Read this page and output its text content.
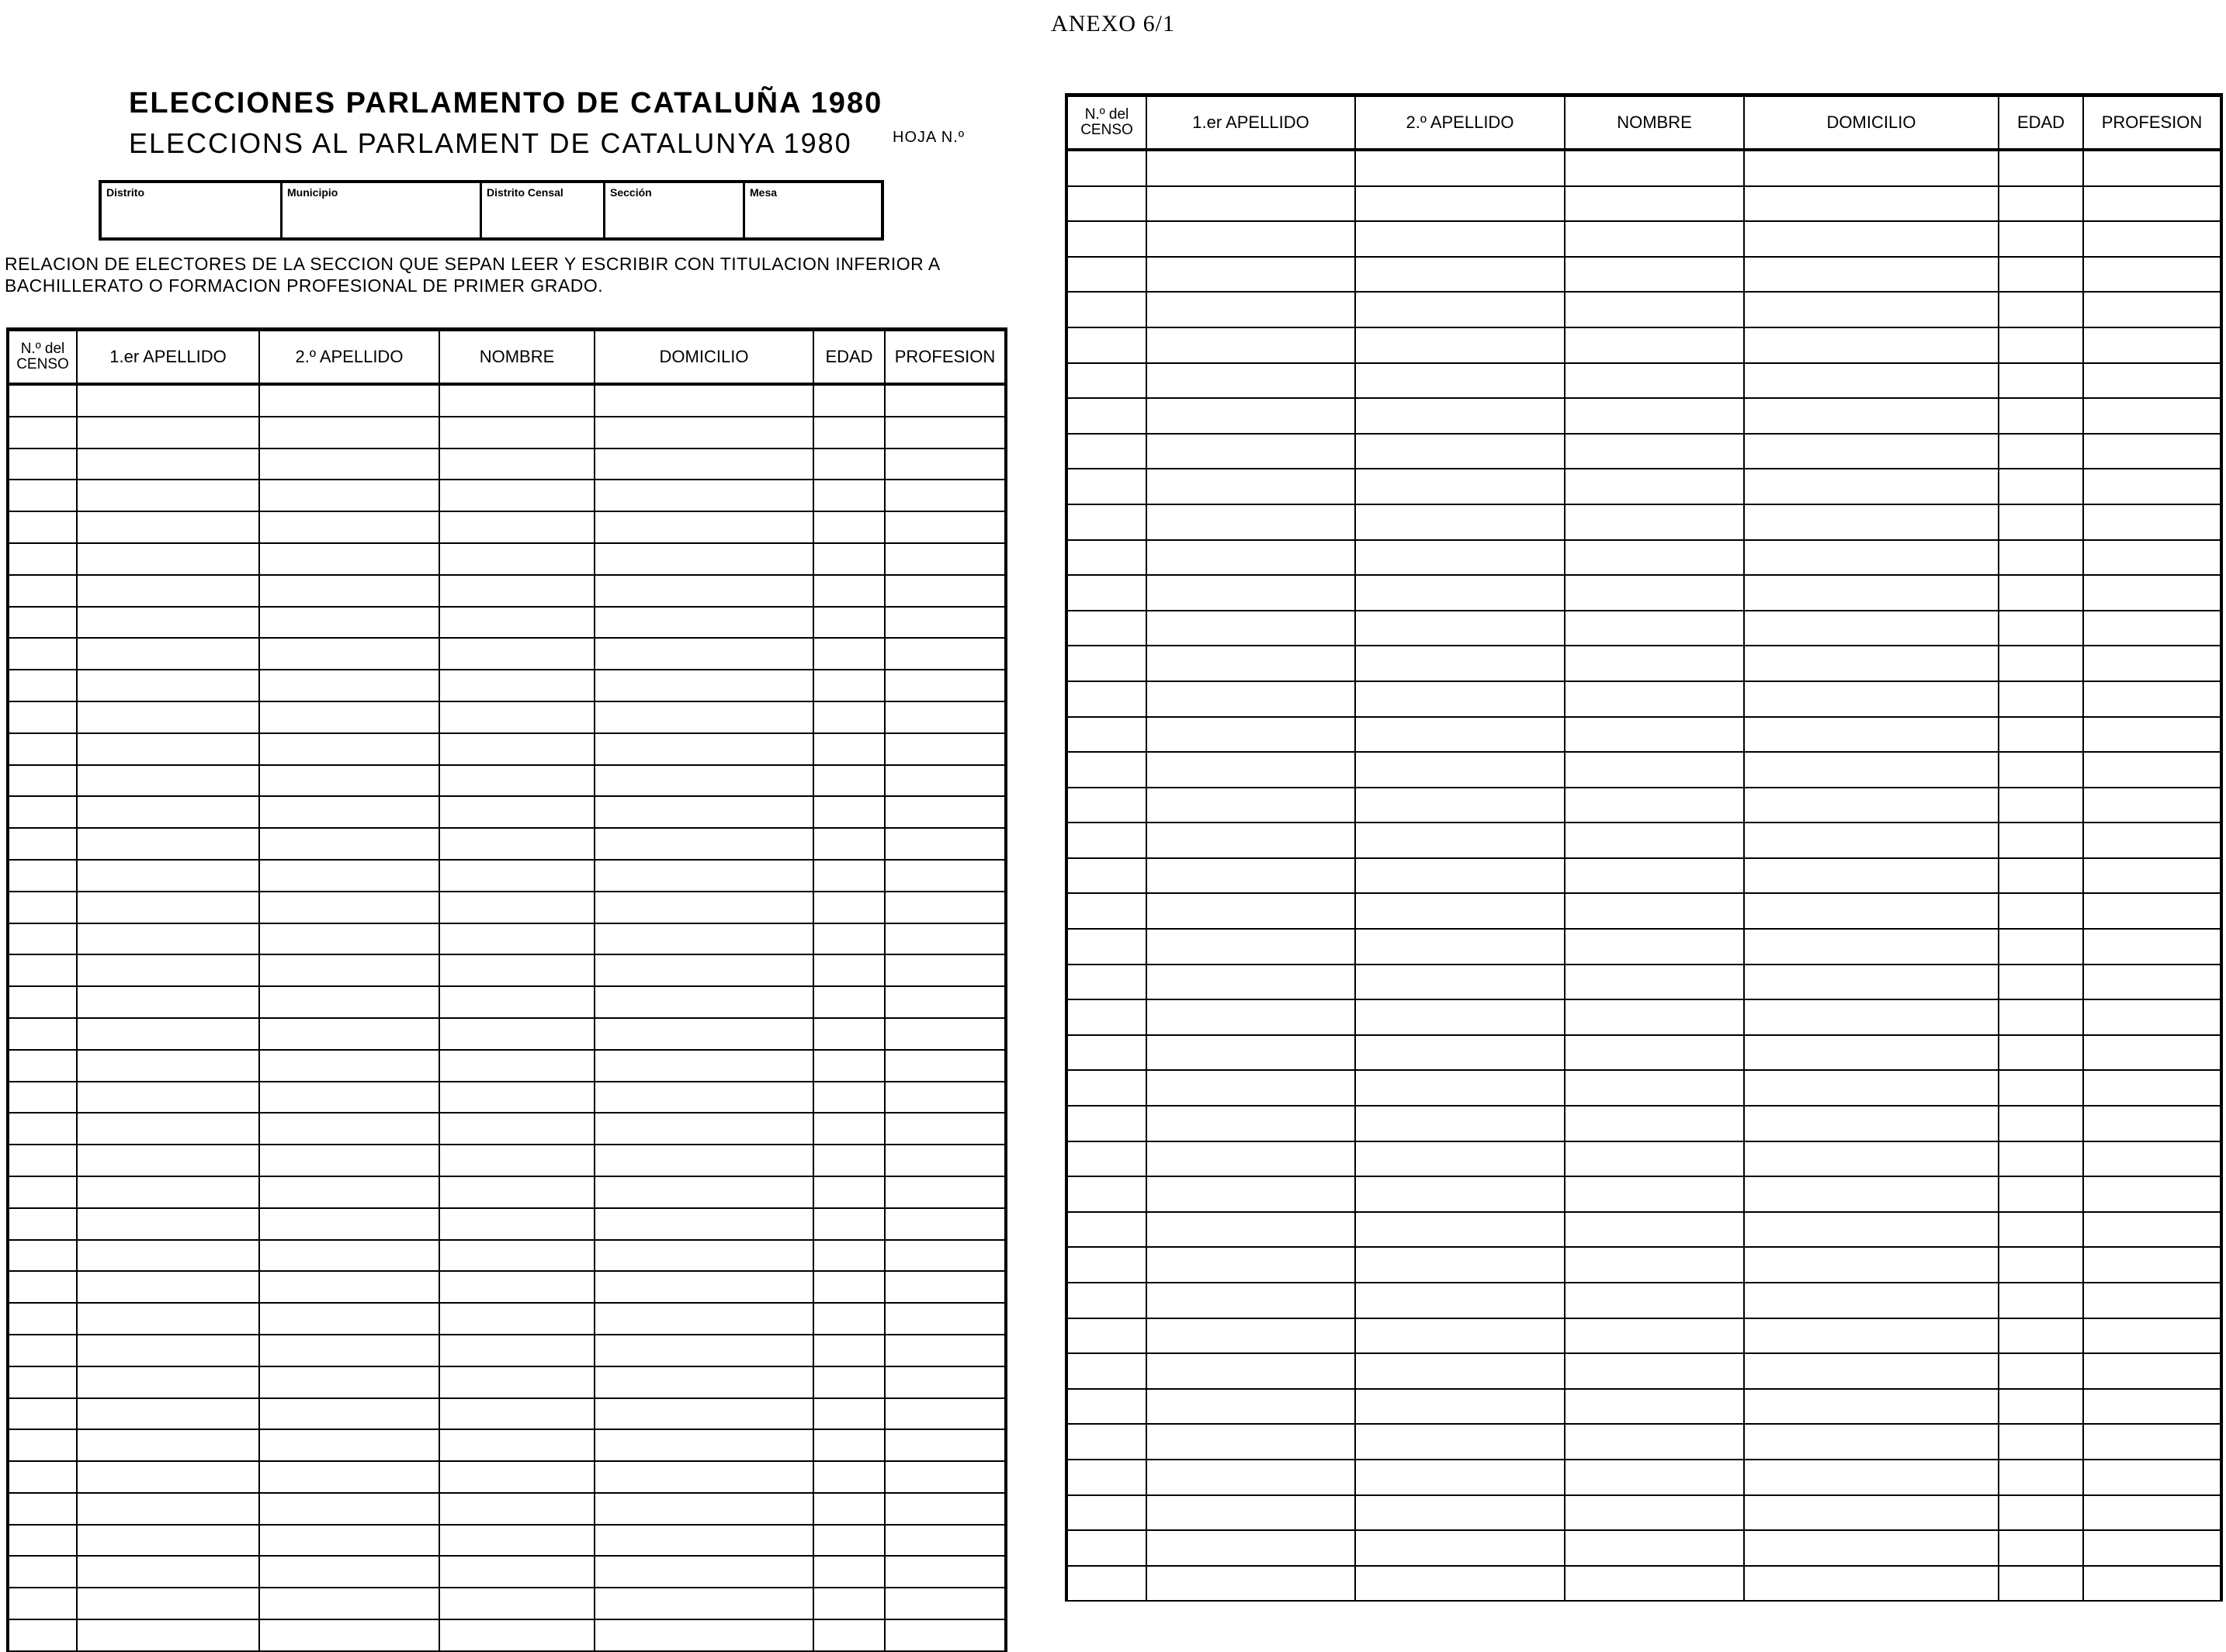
ANEXO 6/1
ELECCIONES PARLAMENTO DE CATALUÑA 1980
ELECCIONS AL PARLAMENT DE CATALUNYA 1980	HOJA N.º
Distrito	Municipio	Distrito Censal	Sección	Mesa
RELACION DE ELECTORES DE LA SECCION QUE SEPAN LEER Y ESCRIBIR CON TITULACION INFERIOR A BACHILLERATO O FORMACION PROFESIONAL DE PRIMER GRADO.
N.º del CENSO	1.er APELLIDO	2.º APELLIDO	NOMBRE	DOMICILIO	EDAD	PROFESION

N.º del CENSO	1.er APELLIDO	2.º APELLIDO	NOMBRE	DOMICILIO	EDAD	PROFESION
